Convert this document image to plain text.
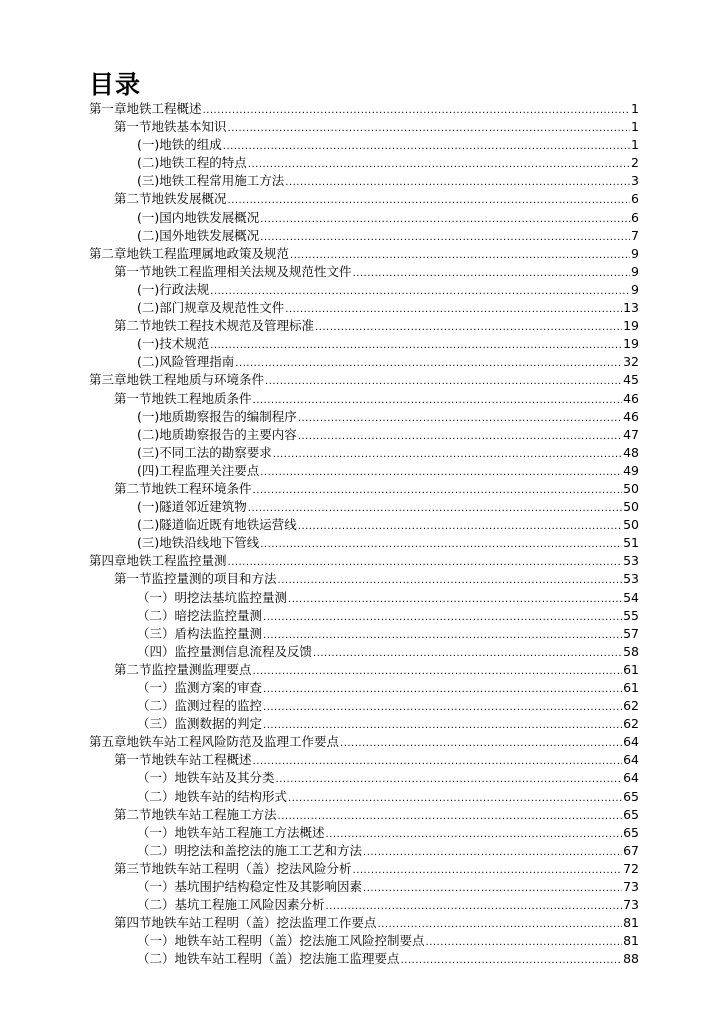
目录
第一章地铁工程概述 .....	1
第一节地铁基本知识 .....	1
(一)地铁的组成 .....	1
(二)地铁工程的特点 .....	2
(三)地铁工程常用施工方法 .....	3
第二节地铁发展概况 .....	6
(一)国内地铁发展概况 .....	6
(二)国外地铁发展概况 .....	7
第二章地铁工程监理属地政策及规范 .....	9
第一节地铁工程监理相关法规及规范性文件 .....	9
(一)行政法规 .....	9
(二)部门规章及规范性文件 .....	13
第二节地铁工程技术规范及管理标准 .....	19
(一)技术规范 .....	19
(二)风险管理指南 .....	32
第三章地铁工程地质与环境条件 .....	45
第一节地铁工程地质条件 .....	46
(一)地质勘察报告的编制程序 .....	46
(二)地质勘察报告的主要内容 .....	47
(三)不同工法的勘察要求 .....	48
(四)工程监理关注要点 .....	49
第二节地铁工程环境条件 .....	50
(一)隧道邻近建筑物 .....	50
(二)隧道临近既有地铁运营线 .....	50
(三)地铁沿线地下管线 .....	51
第四章地铁工程监控量测 .....	53
第一节监控量测的项目和方法 .....	53
（一）明挖法基坑监控量测 .....	54
（二）暗挖法监控量测 .....	55
（三）盾构法监控量测 .....	57
（四）监控量测信息流程及反馈 .....	58
第二节监控量测监理要点 .....	61
（一）监测方案的审查 .....	61
（二）监测过程的监控 .....	62
（三）监测数据的判定 .....	62
第五章地铁车站工程风险防范及监理工作要点 .....	64
第一节地铁车站工程概述 .....	64
（一）地铁车站及其分类 .....	64
（二）地铁车站的结构形式 .....	65
第二节地铁车站工程施工方法 .....	65
（一）地铁车站工程施工方法概述 .....	65
（二）明挖法和盖挖法的施工工艺和方法 .....	67
第三节地铁车站工程明（盖）挖法风险分析 .....	72
（一）基坑围护结构稳定性及其影响因素 .....	73
（二）基坑工程施工风险因素分析 .....	73
第四节地铁车站工程明（盖）挖法监理工作要点 .....	81
（一）地铁车站工程明（盖）挖法施工风险控制要点 .....	81
（二）地铁车站工程明（盖）挖法施工监理要点 .....	88
